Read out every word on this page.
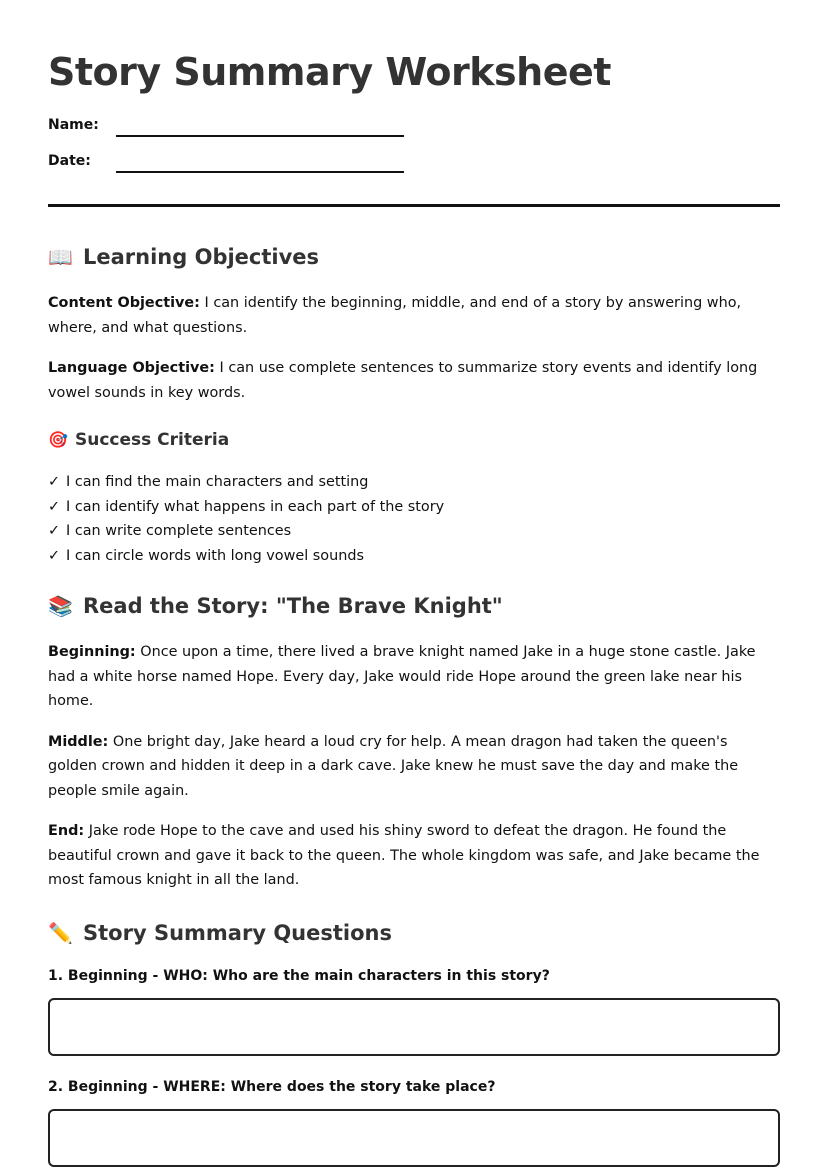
Story Summary Worksheet
Name:
Date:
📖 Learning Objectives

Content Objective: I can identify the beginning, middle, and end of a story by answering who, where, and what questions.

Language Objective: I can use complete sentences to summarize story events and identify long vowel sounds in key words.

🎯 Success Criteria
✓ I can find the main characters and setting
✓ I can identify what happens in each part of the story
✓ I can write complete sentences
✓ I can circle words with long vowel sounds
📚 Read the Story: "The Brave Knight"

Beginning: Once upon a time, there lived a brave knight named Jake in a huge stone castle. Jake had a white horse named Hope. Every day, Jake would ride Hope around the green lake near his home.

Middle: One bright day, Jake heard a loud cry for help. A mean dragon had taken the queen's golden crown and hidden it deep in a dark cave. Jake knew he must save the day and make the people smile again.

End: Jake rode Hope to the cave and used his shiny sword to defeat the dragon. He found the beautiful crown and gave it back to the queen. The whole kingdom was safe, and Jake became the most famous knight in all the land.

✏️ Story Summary Questions
1. Beginning - WHO: Who are the main characters in this story?
2. Beginning - WHERE: Where does the story take place?
